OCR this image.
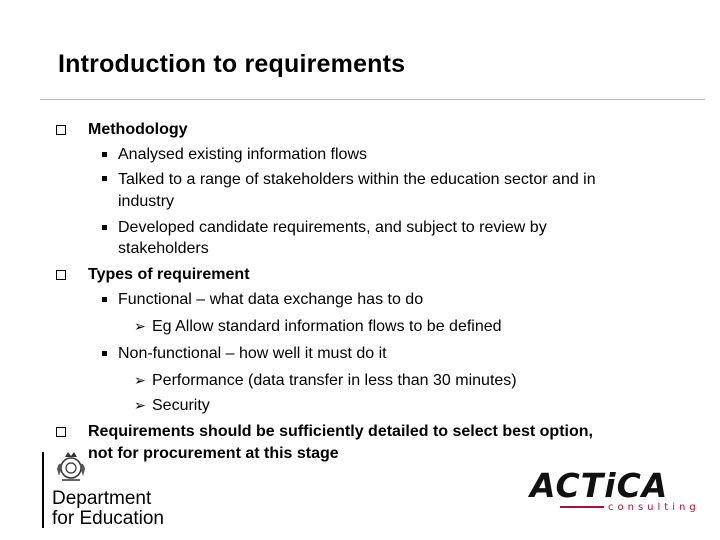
Introduction to requirements
Methodology
Analysed existing information flows
Talked to a range of stakeholders within the education sector and in
industry
Developed candidate requirements, and subject to review by
stakeholders
Types of requirement
Functional – what data exchange has to do
➢ Eg Allow standard information flows to be defined
Non-functional – how well it must do it
➢ Performance (data transfer in less than 30 minutes)
➢ Security
Requirements should be sufficiently detailed to select best option,
not for procurement at this stage
Department
for Education
ACTiCA
consulting
